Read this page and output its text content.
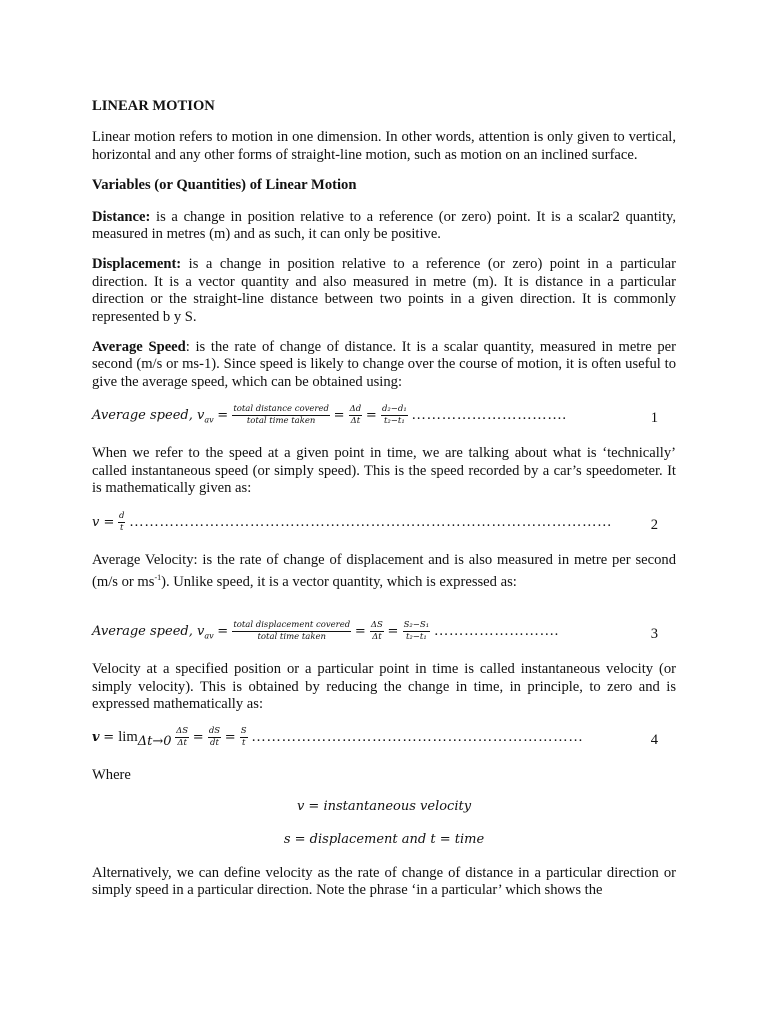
LINEAR MOTION
Linear motion refers to motion in one dimension. In other words, attention is only given to vertical, horizontal and any other forms of straight-line motion, such as motion on an inclined surface.
Variables (or Quantities) of Linear Motion
Distance: is a change in position relative to a reference (or zero) point. It is a scalar2 quantity, measured in metres (m) and as such, it can only be positive.
Displacement: is a change in position relative to a reference (or zero) point in a particular direction. It is a vector quantity and also measured in metre (m). It is distance in a particular direction or the straight-line distance between two points in a given direction. It is commonly represented b y S.
Average Speed: is the rate of change of distance. It is a scalar quantity, measured in metre per second (m/s or ms-1). Since speed is likely to change over the course of motion, it is often useful to give the average speed, which can be obtained using:
Average speed, $v_{av} = \frac{\text{total distance covered}}{\text{total time taken}} = \frac{\Delta d}{\Delta t} = \frac{\text{d₂−d₁}}{\text{t₂−t₁}}$ ………………………….	1
When we refer to the speed at a given point in time, we are talking about what is ‘technically’ called instantaneous speed (or simply speed). This is the speed recorded by a car’s speedometer. It is mathematically given as:
$v = \frac{d}{t}$ ……………………………………………………………………………………	2
Average Velocity: is the rate of change of displacement and is also measured in metre per second (m/s or $ms^{-1}$). Unlike speed, it is a vector quantity, which is expressed as:
Average speed, $v_{av} = \frac{\text{total displacement covered}}{\text{total time taken}} = \frac{\Delta S}{\Delta t} = \frac{\text{S₂−S₁}}{\text{t₂−t₁}}$ …………………….	3
Velocity at a specified position or a particular point in time is called instantaneous velocity (or simply velocity). This is obtained by reducing the change in time, in principle, to zero and is expressed mathematically as:
$v = \lim_{\Delta t\to 0} \frac{\Delta S}{\Delta t} = \frac{dS}{dt} = \frac{S}{t}$ …………………………………………………………	4
Where
v = instantaneous velocity
s = displacement and t = time
Alternatively, we can define velocity as the rate of change of distance in a particular direction or simply speed in a particular direction. Note the phrase ‘in a particular’ which shows the
